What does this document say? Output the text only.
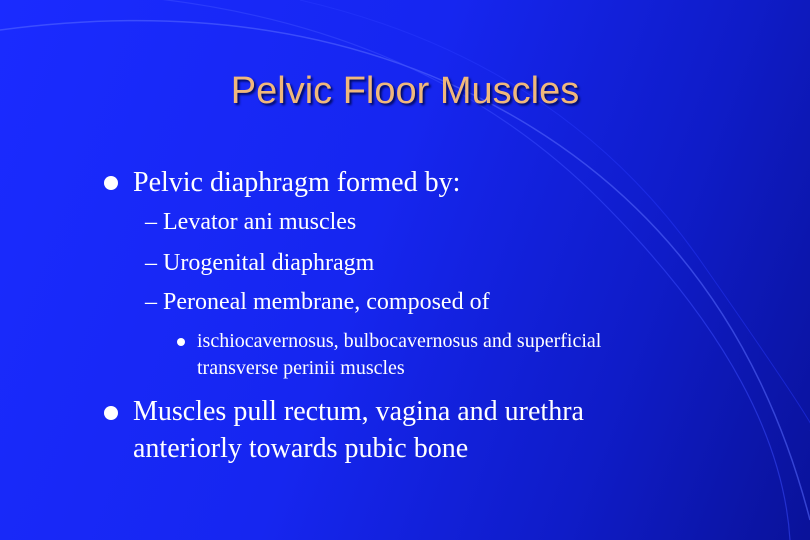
Pelvic Floor Muscles
Pelvic diaphragm formed by:
– Levator ani muscles
– Urogenital diaphragm
– Peroneal membrane, composed of
ischiocavernosus, bulbocavernosus and superficial
transverse perinii muscles
Muscles pull rectum, vagina and urethra
anteriorly towards pubic bone
